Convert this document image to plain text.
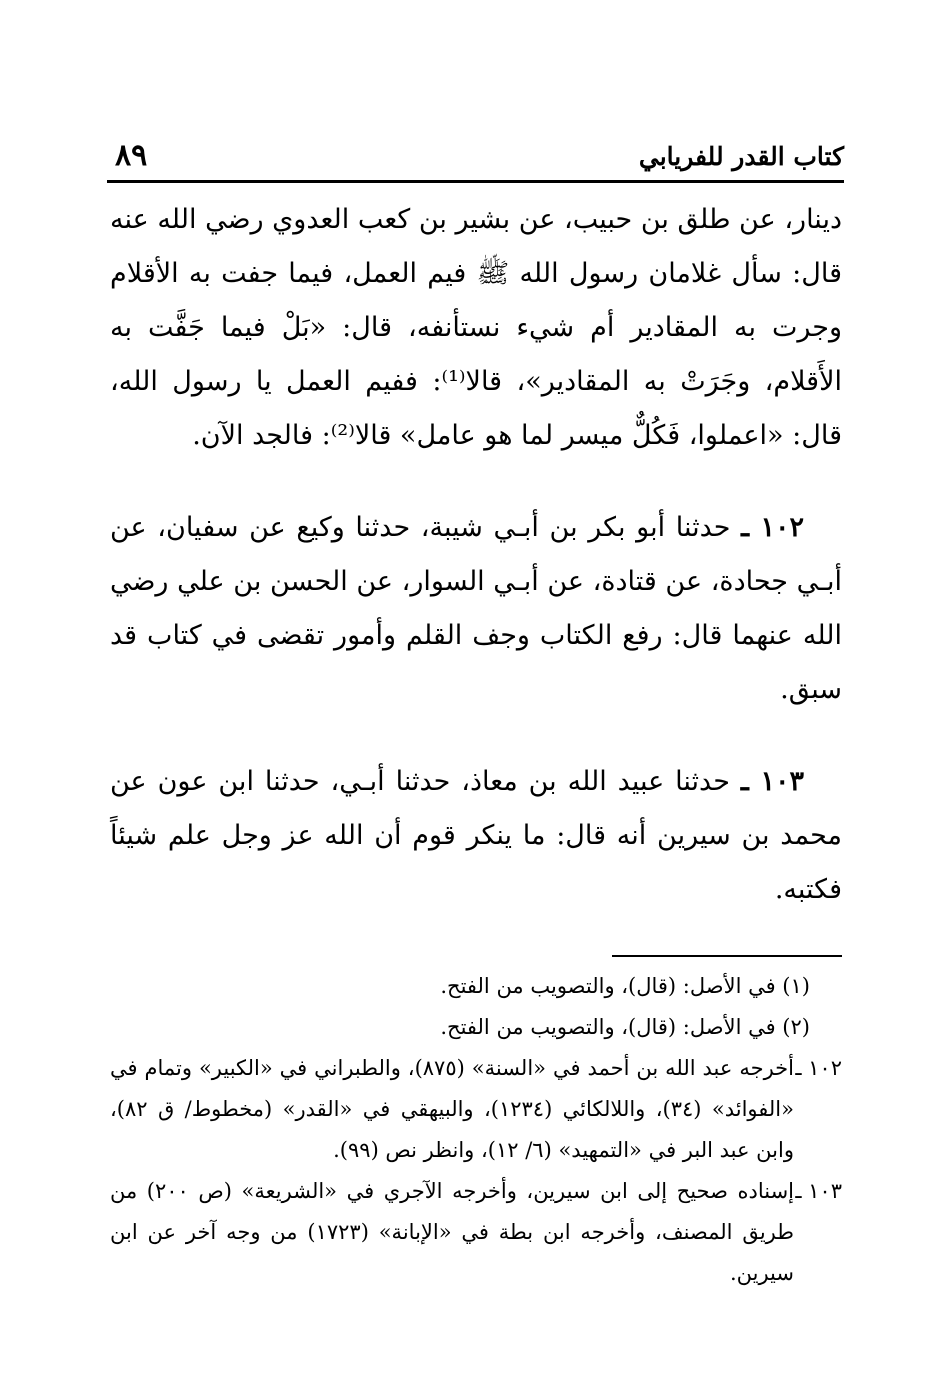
كتاب القدر للفريابي
٨٩

دينار، عن طلق بن حبيب، عن بشير بن كعب العدوي رضي الله عنه قال: سأل غلامان رسول الله ﷺ فيم العمل، فيما جفت به الأقلام وجرت به المقادير أم شيء نستأنفه، قال: «بَلْ فيما جَفَّت به الأَقلام، وجَرَتْ به المقادير»، قالا⁽¹⁾: ففيم العمل يا رسول الله، قال: «اعملوا، فَكُلٌّ ميسر لما هو عامل» قالا⁽²⁾: فالجد الآن.

١٠٢ ـ حدثنا أبو بكر بن أبـي شيبة، حدثنا وكيع عن سفيان، عن أبـي جحادة، عن قتادة، عن أبـي السوار، عن الحسن بن علي رضي الله عنهما قال: رفع الكتاب وجف القلم وأمور تقضى في كتاب قد سبق.

١٠٣ ـ حدثنا عبيد الله بن معاذ، حدثنا أبـي، حدثنا ابن عون عن محمد بن سيرين أنه قال: ما ينكر قوم أن الله عز وجل علم شيئاً فكتبه.

(١) في الأصل: (قال)، والتصويب من الفتح.

(٢) في الأصل: (قال)، والتصويب من الفتح.

١٠٢ ـ
أخرجه عبد الله بن أحمد في «السنة» (٨٧٥)، والطبراني في «الكبير» وتمام في «الفوائد» (٣٤)، واللالكائي (١٢٣٤)، والبيهقي في «القدر» (مخطوط/ ق ٨٢)، وابن عبد البر في «التمهيد» (٦/ ١٢)، وانظر نص (٩٩).
١٠٣ ـ
إسناده صحيح إلى ابن سيرين، وأخرجه الآجري في «الشريعة» (ص ٢٠٠) من طريق المصنف، وأخرجه ابن بطة في «الإبانة» (١٧٢٣) من وجه آخر عن ابن سيرين.
